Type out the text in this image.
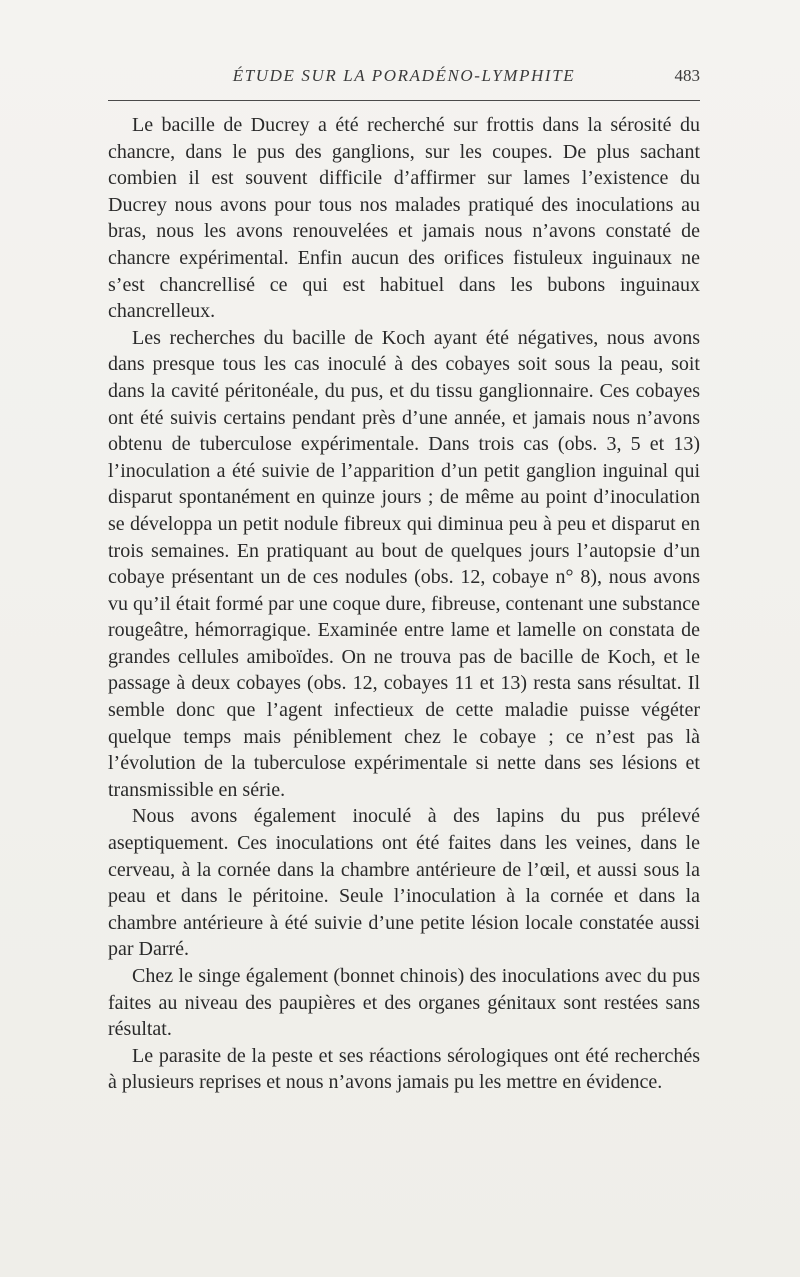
ÉTUDE SUR LA PORADÉNO-LYMPHITE	483

Le bacille de Ducrey a été recherché sur frottis dans la sérosité du chancre, dans le pus des ganglions, sur les coupes. De plus sachant combien il est souvent difficile d’affirmer sur lames l’existence du Ducrey nous avons pour tous nos malades pratiqué des inoculations au bras, nous les avons renouvelées et jamais nous n’avons constaté de chancre expérimental. Enfin aucun des orifices fistuleux inguinaux ne s’est chancrellisé ce qui est habituel dans les bubons inguinaux chancrelleux.

Les recherches du bacille de Koch ayant été négatives, nous avons dans presque tous les cas inoculé à des cobayes soit sous la peau, soit dans la cavité péritonéale, du pus, et du tissu ganglionnaire. Ces cobayes ont été suivis certains pendant près d’une année, et jamais nous n’avons obtenu de tuberculose expérimentale. Dans trois cas (obs. 3, 5 et 13) l’inoculation a été suivie de l’apparition d’un petit ganglion inguinal qui disparut spontanément en quinze jours ; de même au point d’inoculation se développa un petit nodule fibreux qui diminua peu à peu et disparut en trois semaines. En pratiquant au bout de quelques jours l’autopsie d’un cobaye présentant un de ces nodules (obs. 12, cobaye n° 8), nous avons vu qu’il était formé par une coque dure, fibreuse, contenant une substance rougeâtre, hémorragique. Examinée entre lame et lamelle on constata de grandes cellules amiboïdes. On ne trouva pas de bacille de Koch, et le passage à deux cobayes (obs. 12, cobayes 11 et 13) resta sans résultat. Il semble donc que l’agent infectieux de cette maladie puisse végéter quelque temps mais péniblement chez le cobaye ; ce n’est pas là l’évolution de la tuberculose expérimentale si nette dans ses lésions et transmissible en série.

Nous avons également inoculé à des lapins du pus prélevé aseptiquement. Ces inoculations ont été faites dans les veines, dans le cerveau, à la cornée dans la chambre antérieure de l’œil, et aussi sous la peau et dans le péritoine. Seule l’inoculation à la cornée et dans la chambre antérieure à été suivie d’une petite lésion locale constatée aussi par Darré.

Chez le singe également (bonnet chinois) des inoculations avec du pus faites au niveau des paupières et des organes génitaux sont restées sans résultat.

Le parasite de la peste et ses réactions sérologiques ont été recherchés à plusieurs reprises et nous n’avons jamais pu les mettre en évidence.
